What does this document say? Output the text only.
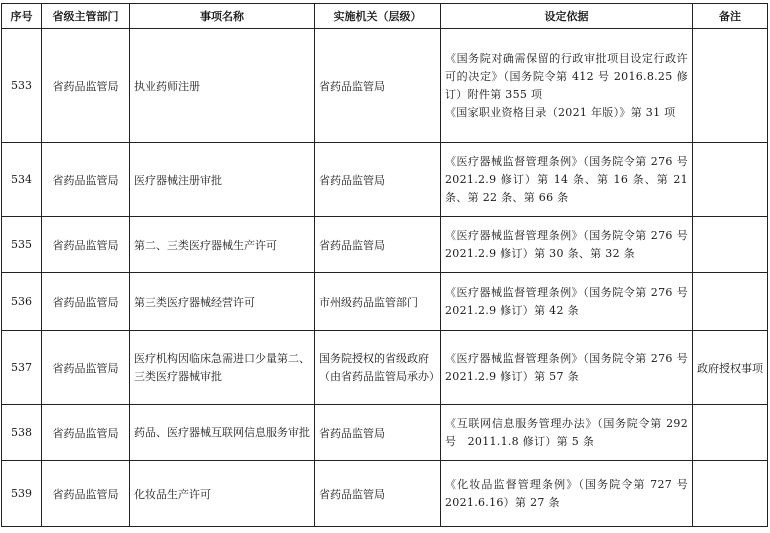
序号	省级主管部门	事项名称	实施机关（层级）	设定依据	备注
533	省药品监管局	执业药师注册	省药品监管局	《国务院对确需保留的行政审批项目设定行政许可的决定》（国务院令第 412 号 2016.8.25 修订）附件第 355 项
《国家职业资格目录（2021 年版）》第 31 项	

534	省药品监管局	医疗器械注册审批	省药品监管局	《医疗器械监督管理条例》（国务院令第 276 号　2021.2.9 修订）第 14 条、第 16 条、第 21 条、第 22 条、第 66 条	

535	省药品监管局	第二、三类医疗器械生产许可	省药品监管局	《医疗器械监督管理条例》（国务院令第 276 号　2021.2.9 修订）第 30 条、第 32 条	

536	省药品监管局	第三类医疗器械经营许可	市州级药品监管部门	《医疗器械监督管理条例》（国务院令第 276 号　2021.2.9 修订）第 42 条	

537	省药品监管局	医疗机构因临床急需进口少量第二、三类医疗器械审批	国务院授权的省级政府（由省药品监管局承办）	《医疗器械监督管理条例》（国务院令第 276 号　2021.2.9 修订）第 57 条	政府授权事项
538	省药品监管局	药品、医疗器械互联网信息服务审批	省药品监管局	《互联网信息服务管理办法》（国务院令第 292 号　2011.1.8 修订）第 5 条	

539	省药品监管局	化妆品生产许可	省药品监管局	《化妆品监督管理条例》（国务院令第 727 号 2021.6.16）第 27 条	
